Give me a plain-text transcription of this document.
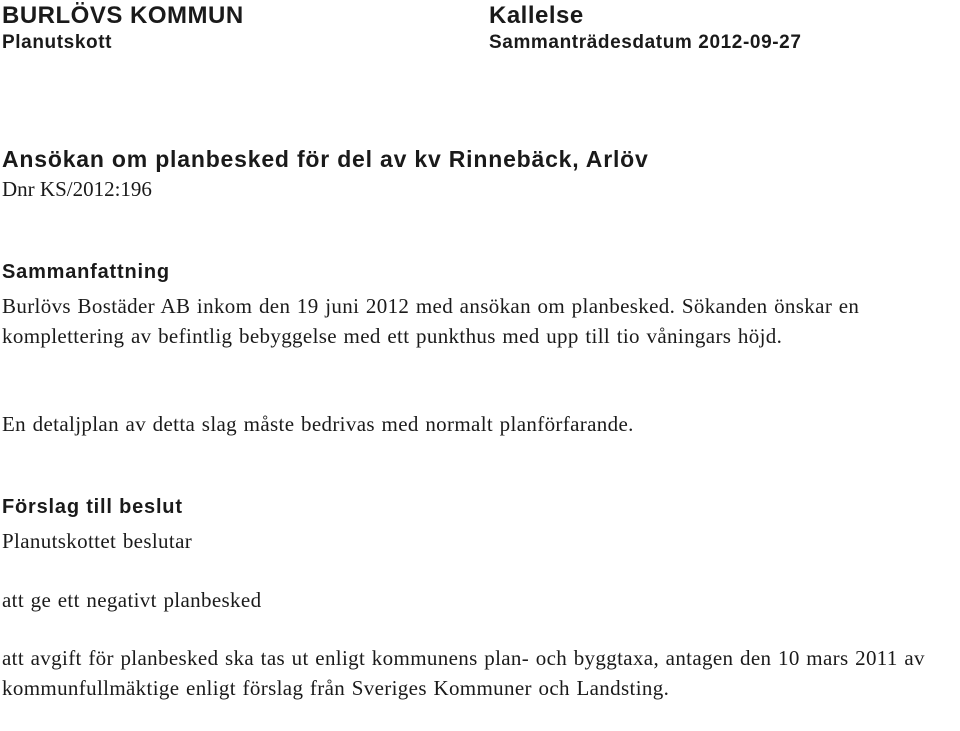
BURLÖVS KOMMUN

Planutskott

Kallelse

Sammanträdesdatum 2012-09-27

Ansökan om planbesked för del av kv Rinnebäck, Arlöv

Dnr KS/2012:196

Sammanfattning

Burlövs Bostäder AB inkom den 19 juni 2012 med ansökan om planbesked. Sökanden önskar en komplettering av befintlig bebyggelse med ett punkthus med upp till tio våningars höjd.

En detaljplan av detta slag måste bedrivas med normalt planförfarande.

Förslag till beslut

Planutskottet beslutar

att ge ett negativt planbesked

att avgift för planbesked ska tas ut enligt kommunens plan- och byggtaxa, antagen den 10 mars 2011 av kommunfullmäktige enligt förslag från Sveriges Kommuner och Landsting.
